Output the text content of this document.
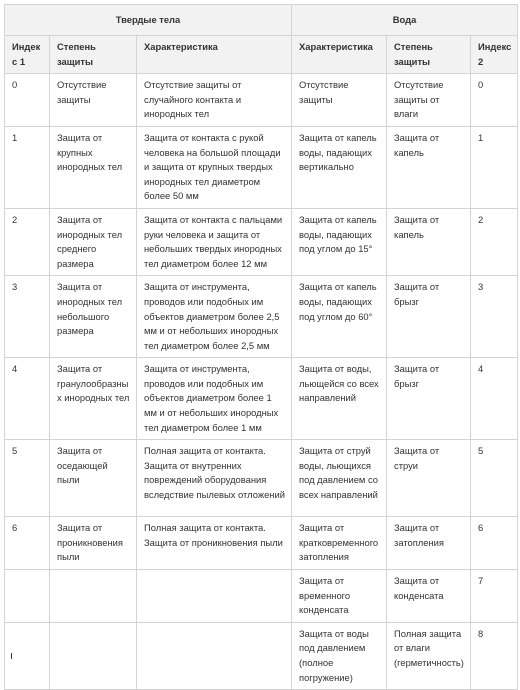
Твердые тела			Вода		
Индекс 1	Степень защиты	Характеристика	Характеристика	Степень защиты	Индекс 2
0	Отсутствие защиты	Отсутствие защиты от случайного контакта и инородных тел	Отсутствие защиты	Отсутствие защиты от влаги	0
1	Защита от крупных инородных тел	Защита от контакта с рукой человека на большой площади и защита от крупных твердых инородных тел диаметром более 50 мм	Защита от капель воды, падающих вертикально	Защита от капель	1
2	Защита от инородных тел среднего размера	Защита от контакта с пальцами руки человека и защита от небольших твердых инородных тел диаметром более 12 мм	Защита от капель воды, падающих под углом до 15°	Защита от капель	2
3	Защита от инородных тел небольшого размера	Защита от инструмента, проводов или подобных им объектов диаметром более 2,5 мм и от небольших инородных тел диаметром более 2,5 мм	Защита от капель воды, падающих под углом до 60°	Защита от брызг	3
4	Защита от гранулообразных инородных тел	Защита от инструмента, проводов или подобных им объектов диаметром более 1 мм и от небольших инородных тел диаметром более 1 мм	Защита от воды, льющейся со всех направлений	Защита от брызг	4
5	Защита от оседающей пыли	Полная защита от контакта. Защита от внутренних повреждений оборудования вследствие пылевых отложений	Защита от струй воды, льющихся под давлением со всех направлений	Защита от струи	5
6	Защита от проникновения пыли	Полная защита от контакта. Защита от проникновения пыли	Защита от кратковременного затопления	Защита от затопления	6
			Защита от временного конденсата	Защита от конденсата	7
			Защита от воды под давлением (полное погружение)	Полная защита от влаги (герметичность)	8
